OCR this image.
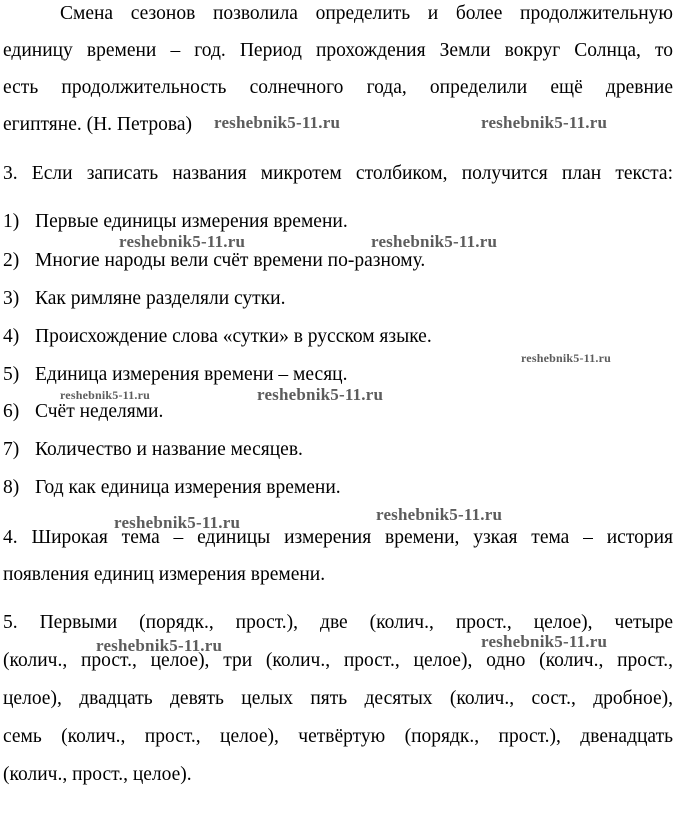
Смена сезонов позволила определить и более продолжительную
единицу времени – год. Период прохождения Земли вокруг Солнца, то
есть продолжительность солнечного года, определили ещё древние
египтяне. (Н. Петрова)
3. Если записать названия микротем столбиком, получится план текста:
1) Первые единицы измерения времени.
2) Многие народы вели счёт времени по-разному.
3) Как римляне разделяли сутки.
4) Происхождение слова «сутки» в русском языке.
5) Единица измерения времени – месяц.
6) Счёт неделями.
7) Количество и название месяцев.
8) Год как единица измерения времени.
4. Широкая тема – единицы измерения времени, узкая тема – история
появления единиц измерения времени.
5. Первыми (порядк., прост.), две (колич., прост., целое), четыре
(колич., прост., целое), три (колич., прост., целое), одно (колич., прост.,
целое), двадцать девять целых пять десятых (колич., сост., дробное),
семь (колич., прост., целое), четвёртую (порядк., прост.), двенадцать
(колич., прост., целое).
reshebnik5-11.ru	reshebnik5-11.ru
reshebnik5-11.ru	reshebnik5-11.ru
reshebnik5-11.ru
reshebnik5-11.ru	reshebnik5-11.ru
reshebnik5-11.ru	reshebnik5-11.ru
reshebnik5-11.ru	reshebnik5-11.ru
